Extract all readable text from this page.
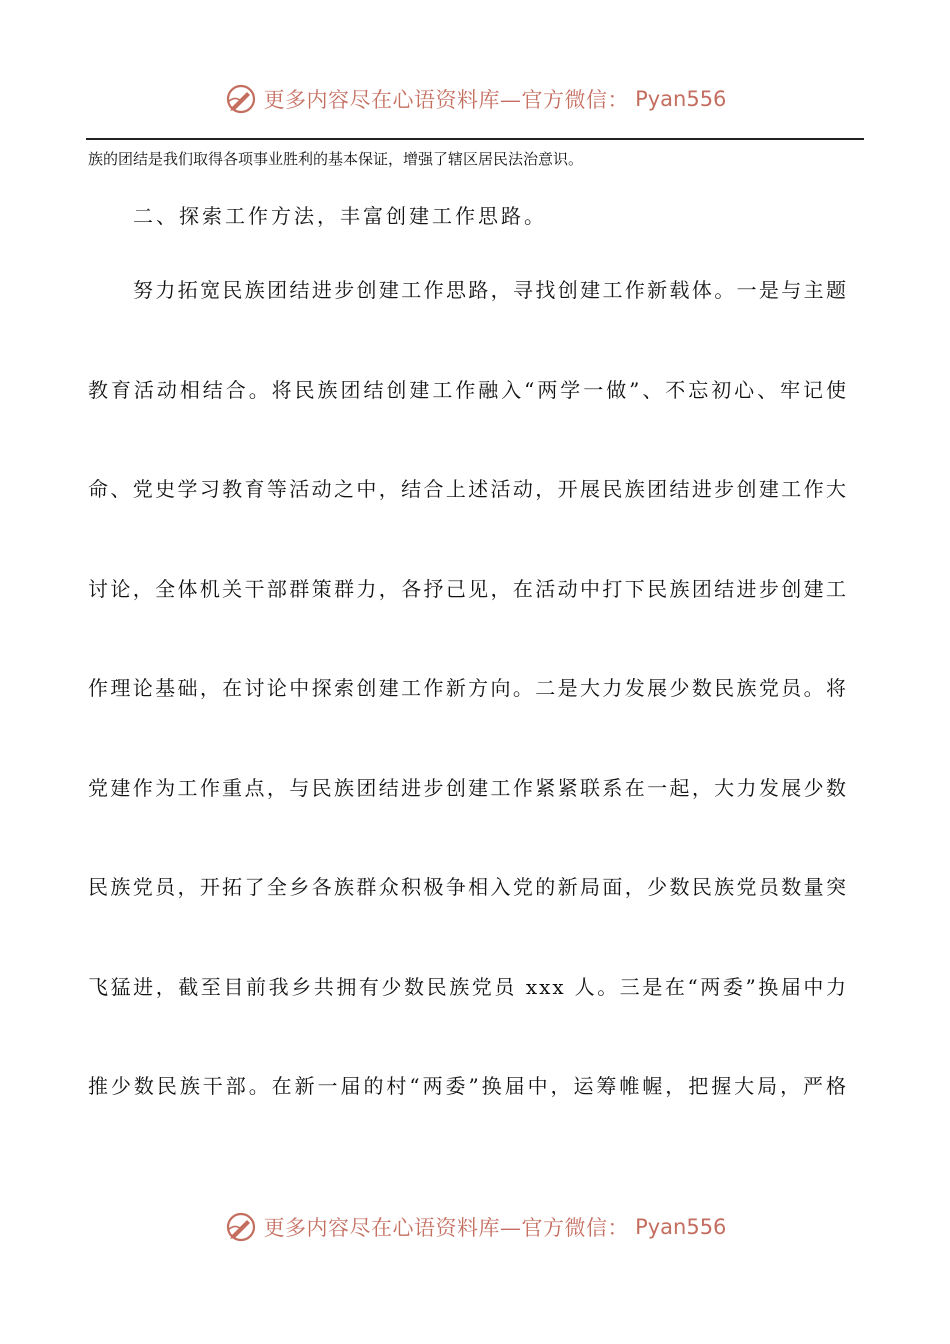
更多内容尽在心语资料库—官方微信： Pyan556
族的团结是我们取得各项事业胜利的基本保证，增强了辖区居民法治意识。
二、探索工作方法，丰富创建工作思路。
努力拓宽民族团结进步创建工作思路，寻找创建工作新载体。一是与主题
教育活动相结合。将民族团结创建工作融入“两学一做”、不忘初心、牢记使
命、党史学习教育等活动之中，结合上述活动，开展民族团结进步创建工作大
讨论，全体机关干部群策群力，各抒己见，在活动中打下民族团结进步创建工
作理论基础，在讨论中探索创建工作新方向。二是大力发展少数民族党员。将
党建作为工作重点，与民族团结进步创建工作紧紧联系在一起，大力发展少数
民族党员，开拓了全乡各族群众积极争相入党的新局面，少数民族党员数量突
飞猛进，截至目前我乡共拥有少数民族党员 xxx 人。三是在“两委”换届中力
推少数民族干部。在新一届的村“两委”换届中，运筹帷幄，把握大局，严格
更多内容尽在心语资料库—官方微信： Pyan556
